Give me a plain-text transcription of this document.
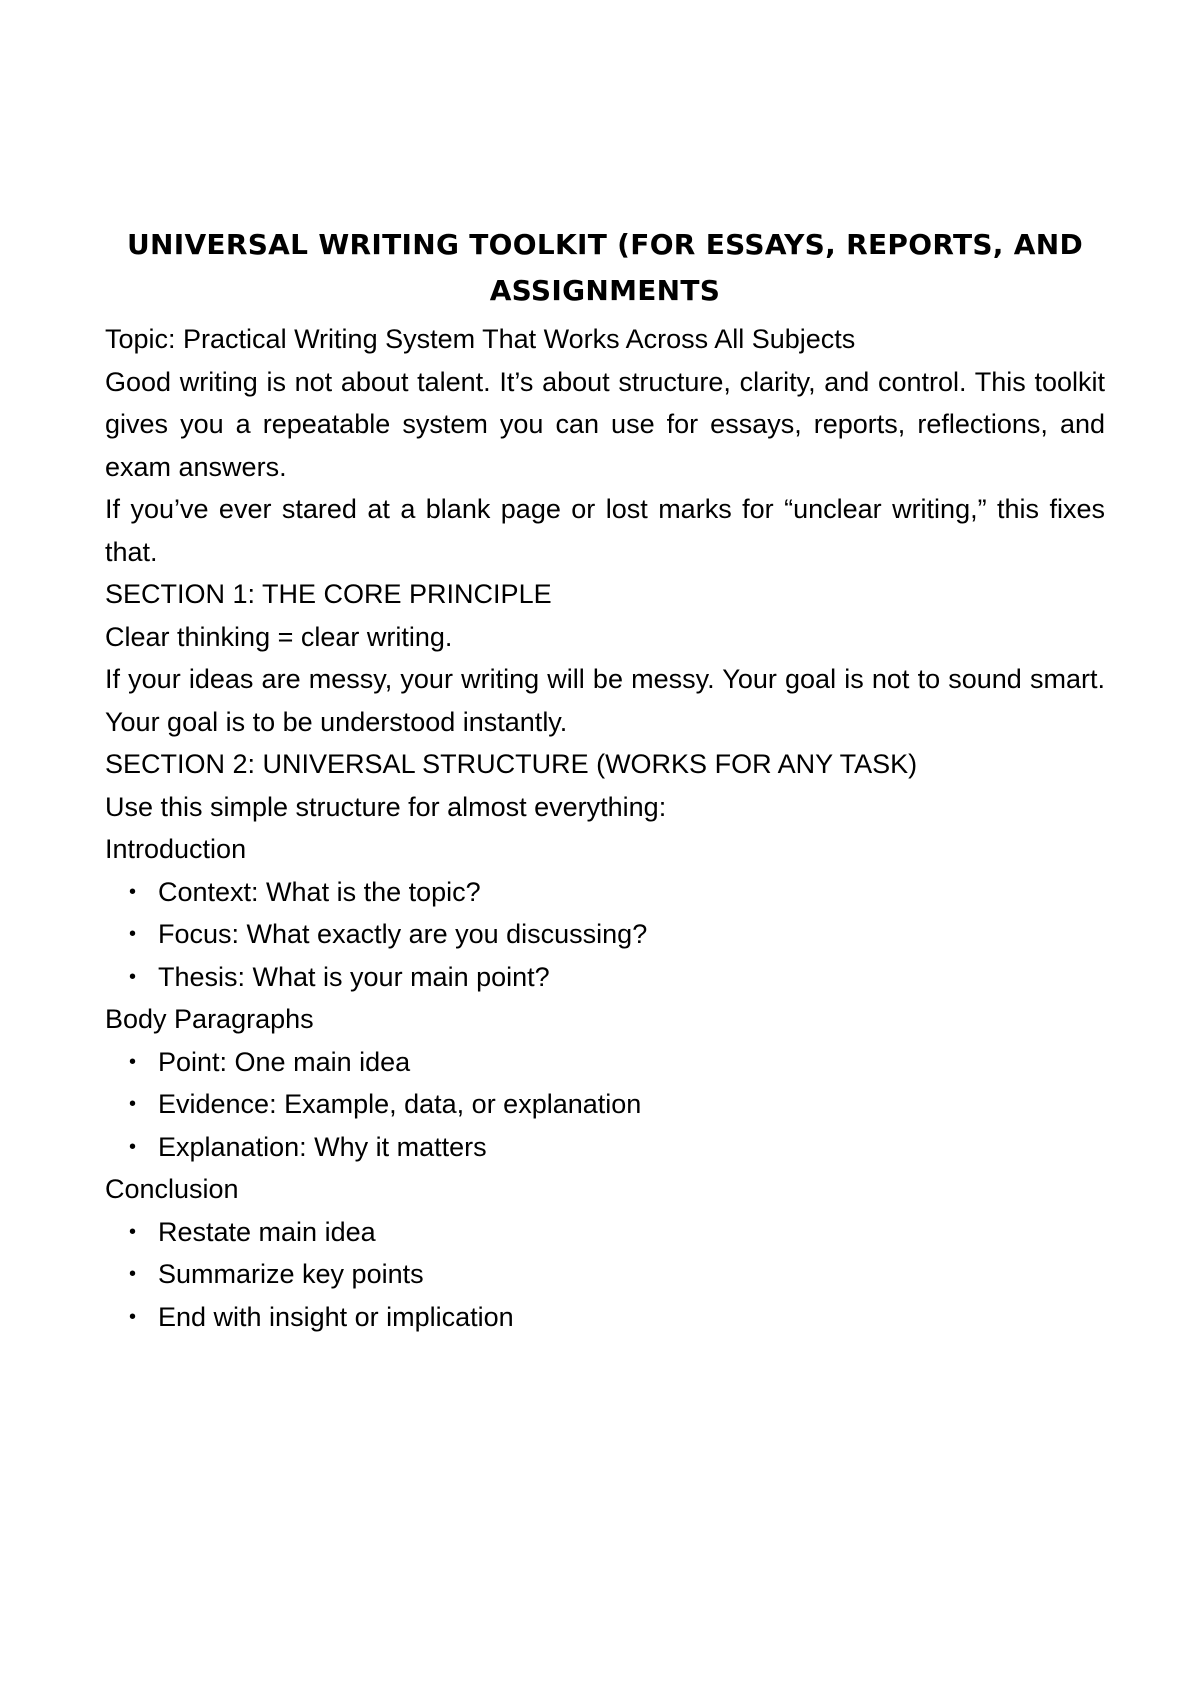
UNIVERSAL WRITING TOOLKIT (FOR ESSAYS, REPORTS, AND
ASSIGNMENTS

Topic: Practical Writing System That Works Across All Subjects

Good writing is not about talent. It’s about structure, clarity, and control. This toolkit gives you a repeatable system you can use for essays, reports, reflections, and exam answers.

If you’ve ever stared at a blank page or lost marks for “unclear writing,” this fixes that.

SECTION 1: THE CORE PRINCIPLE

Clear thinking = clear writing.

If your ideas are messy, your writing will be messy. Your goal is not to sound smart. Your goal is to be understood instantly.

SECTION 2: UNIVERSAL STRUCTURE (WORKS FOR ANY TASK)

Use this simple structure for almost everything:

Introduction

• Context: What is the topic?
• Focus: What exactly are you discussing?
• Thesis: What is your main point?

Body Paragraphs

• Point: One main idea
• Evidence: Example, data, or explanation
• Explanation: Why it matters

Conclusion

• Restate main idea
• Summarize key points
• End with insight or implication
